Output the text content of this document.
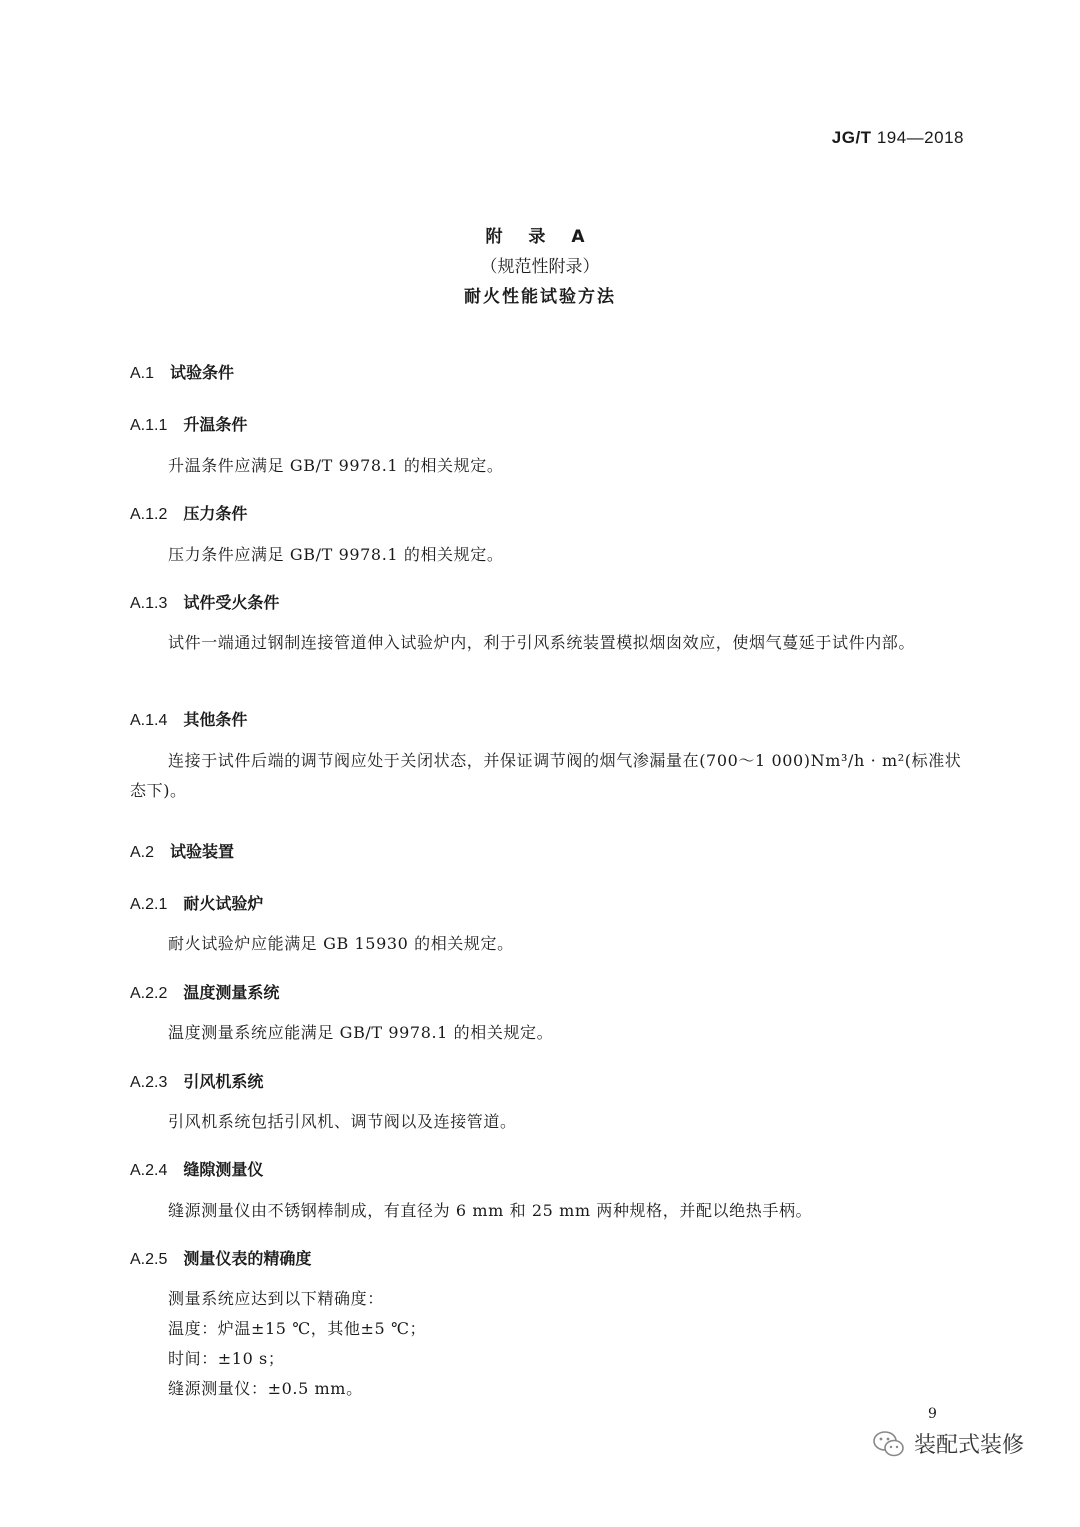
JG/T 194—2018
附 录 A
（规范性附录）
耐火性能试验方法
A.1 试验条件
A.1.1 升温条件
升温条件应满足 GB/T 9978.1 的相关规定。
A.1.2 压力条件
压力条件应满足 GB/T 9978.1 的相关规定。
A.1.3 试件受火条件
试件一端通过钢制连接管道伸入试验炉内，利于引风系统装置模拟烟囱效应，使烟气蔓延于试件内部。
A.1.4 其他条件
连接于试件后端的调节阀应处于关闭状态，并保证调节阀的烟气渗漏量在(700～1 000)Nm³/h · m²(标准状态下)。
A.2 试验装置
A.2.1 耐火试验炉
耐火试验炉应能满足 GB 15930 的相关规定。
A.2.2 温度测量系统
温度测量系统应能满足 GB/T 9978.1 的相关规定。
A.2.3 引风机系统
引风机系统包括引风机、调节阀以及连接管道。
A.2.4 缝隙测量仪
缝源测量仪由不锈钢棒制成，有直径为 6 mm 和 25 mm 两种规格，并配以绝热手柄。
A.2.5 测量仪表的精确度
测量系统应达到以下精确度：
温度：炉温±15 ℃，其他±5 ℃；
时间：±10 s；
缝源测量仪：±0.5 mm。
9
装配式装修
